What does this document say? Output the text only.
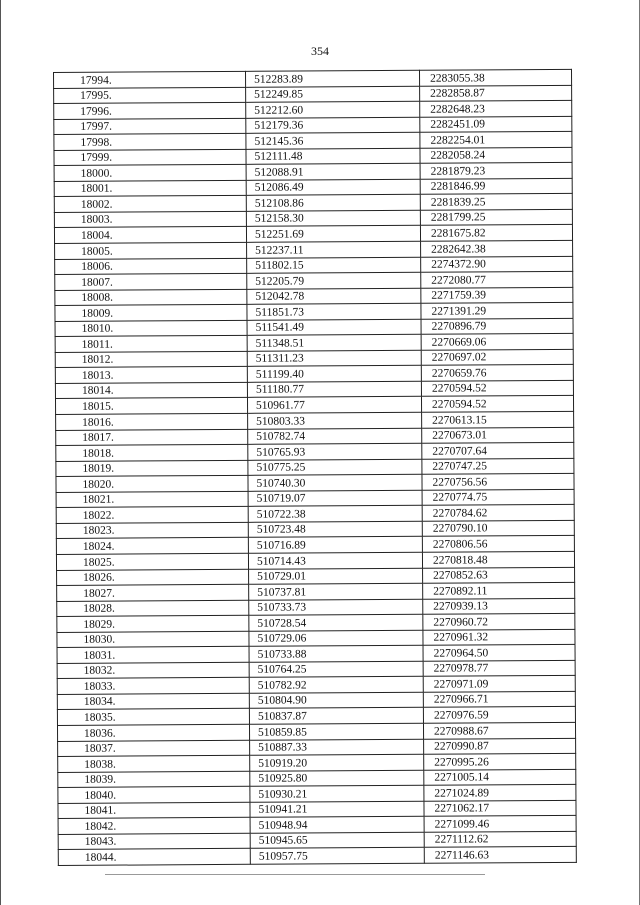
354
17994.	512283.89	2283055.38
17995.	512249.85	2282858.87
17996.	512212.60	2282648.23
17997.	512179.36	2282451.09
17998.	512145.36	2282254.01
17999.	512111.48	2282058.24
18000.	512088.91	2281879.23
18001.	512086.49	2281846.99
18002.	512108.86	2281839.25
18003.	512158.30	2281799.25
18004.	512251.69	2281675.82
18005.	512237.11	2282642.38
18006.	511802.15	2274372.90
18007.	512205.79	2272080.77
18008.	512042.78	2271759.39
18009.	511851.73	2271391.29
18010.	511541.49	2270896.79
18011.	511348.51	2270669.06
18012.	511311.23	2270697.02
18013.	511199.40	2270659.76
18014.	511180.77	2270594.52
18015.	510961.77	2270594.52
18016.	510803.33	2270613.15
18017.	510782.74	2270673.01
18018.	510765.93	2270707.64
18019.	510775.25	2270747.25
18020.	510740.30	2270756.56
18021.	510719.07	2270774.75
18022.	510722.38	2270784.62
18023.	510723.48	2270790.10
18024.	510716.89	2270806.56
18025.	510714.43	2270818.48
18026.	510729.01	2270852.63
18027.	510737.81	2270892.11
18028.	510733.73	2270939.13
18029.	510728.54	2270960.72
18030.	510729.06	2270961.32
18031.	510733.88	2270964.50
18032.	510764.25	2270978.77
18033.	510782.92	2270971.09
18034.	510804.90	2270966.71
18035.	510837.87	2270976.59
18036.	510859.85	2270988.67
18037.	510887.33	2270990.87
18038.	510919.20	2270995.26
18039.	510925.80	2271005.14
18040.	510930.21	2271024.89
18041.	510941.21	2271062.17
18042.	510948.94	2271099.46
18043.	510945.65	2271112.62
18044.	510957.75	2271146.63
